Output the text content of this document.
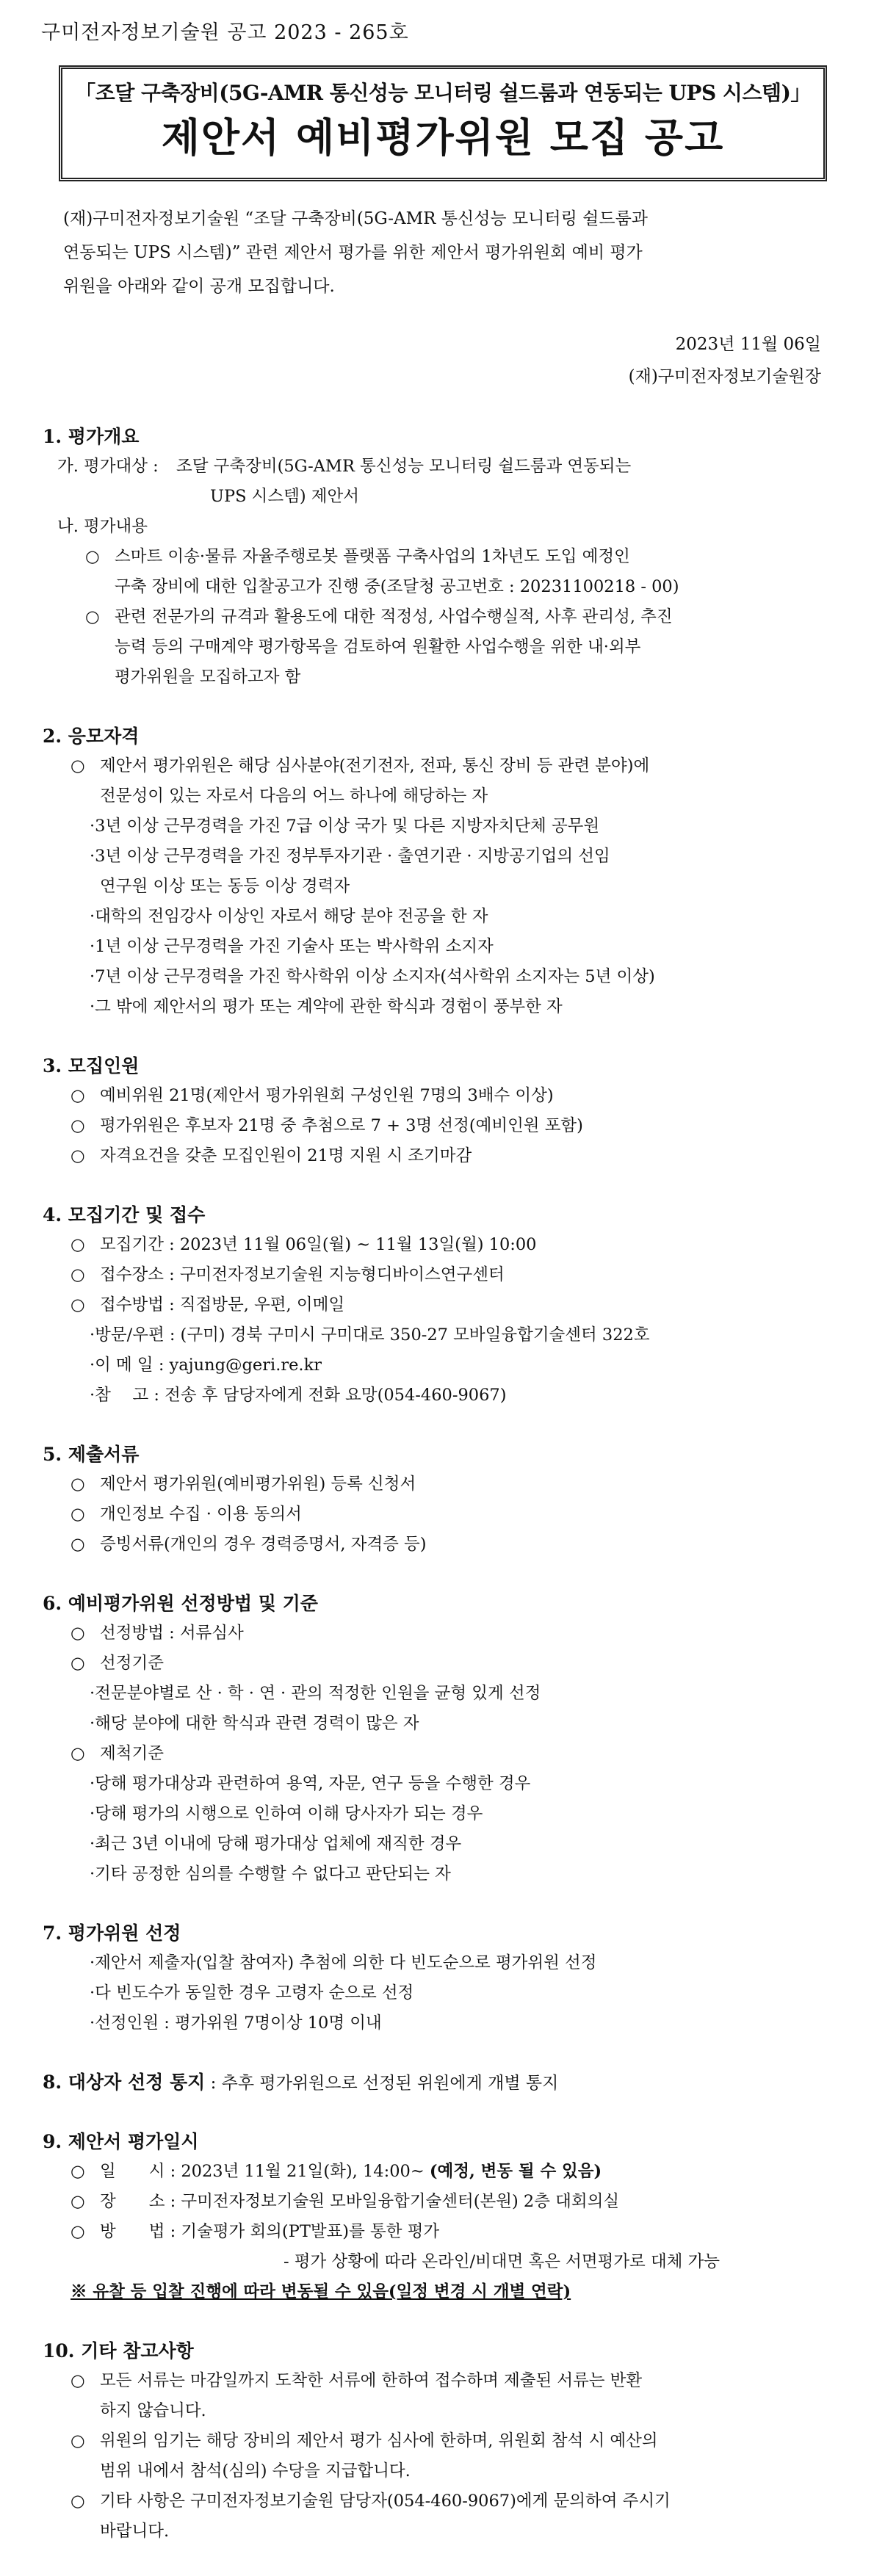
구미전자정보기술원 공고 2023 - 265호
「조달 구축장비(5G-AMR 통신성능 모니터링 쉴드룸과 연동되는 UPS 시스템)」
제안서 예비평가위원 모집 공고
(재)구미전자정보기술원 “조달 구축장비(5G-AMR 통신성능 모니터링 쉴드룸과
연동되는 UPS 시스템)” 관련 제안서 평가를 위한 제안서 평가위원회 예비 평가
위원을 아래와 같이 공개 모집합니다.
2023년 11월 06일
(재)구미전자정보기술원장
1. 평가개요
가. 평가대상 : 조달 구축장비(5G-AMR 통신성능 모니터링 쉴드룸과 연동되는
UPS 시스템) 제안서
나. 평가내용
○ 스마트 이송·물류 자율주행로봇 플랫폼 구축사업의 1차년도 도입 예정인
구축 장비에 대한 입찰공고가 진행 중(조달청 공고번호 : 20231100218 - 00)
○ 관련 전문가의 규격과 활용도에 대한 적정성, 사업수행실적, 사후 관리성, 추진
능력 등의 구매계약 평가항목을 검토하여 원활한 사업수행을 위한 내·외부
평가위원을 모집하고자 함
2. 응모자격
○ 제안서 평가위원은 해당 심사분야(전기전자, 전파, 통신 장비 등 관련 분야)에
전문성이 있는 자로서 다음의 어느 하나에 해당하는 자
·3년 이상 근무경력을 가진 7급 이상 국가 및 다른 지방자치단체 공무원
·3년 이상 근무경력을 가진 정부투자기관 · 출연기관 · 지방공기업의 선임
연구원 이상 또는 동등 이상 경력자
·대학의 전임강사 이상인 자로서 해당 분야 전공을 한 자
·1년 이상 근무경력을 가진 기술사 또는 박사학위 소지자
·7년 이상 근무경력을 가진 학사학위 이상 소지자(석사학위 소지자는 5년 이상)
·그 밖에 제안서의 평가 또는 계약에 관한 학식과 경험이 풍부한 자
3. 모집인원
○ 예비위원 21명(제안서 평가위원회 구성인원 7명의 3배수 이상)
○ 평가위원은 후보자 21명 중 추첨으로 7 + 3명 선정(예비인원 포함)
○ 자격요건을 갖춘 모집인원이 21명 지원 시 조기마감
4. 모집기간 및 접수
○ 모집기간 : 2023년 11월 06일(월) ~ 11월 13일(월) 10:00
○ 접수장소 : 구미전자정보기술원 지능형디바이스연구센터
○ 접수방법 : 직접방문, 우편, 이메일
·방문/우편 : (구미) 경북 구미시 구미대로 350-27 모바일융합기술센터 322호
·이 메 일 : yajung@geri.re.kr
·참　 고 : 전송 후 담당자에게 전화 요망(054-460-9067)
5. 제출서류
○ 제안서 평가위원(예비평가위원) 등록 신청서
○ 개인정보 수집 · 이용 동의서
○ 증빙서류(개인의 경우 경력증명서, 자격증 등)
6. 예비평가위원 선정방법 및 기준
○ 선정방법 : 서류심사
○ 선정기준
·전문분야별로 산 · 학 · 연 · 관의 적정한 인원을 균형 있게 선정
·해당 분야에 대한 학식과 관련 경력이 많은 자
○ 제척기준
·당해 평가대상과 관련하여 용역, 자문, 연구 등을 수행한 경우
·당해 평가의 시행으로 인하여 이해 당사자가 되는 경우
·최근 3년 이내에 당해 평가대상 업체에 재직한 경우
·기타 공정한 심의를 수행할 수 없다고 판단되는 자
7. 평가위원 선정
·제안서 제출자(입찰 참여자) 추첨에 의한 다 빈도순으로 평가위원 선정
·다 빈도수가 동일한 경우 고령자 순으로 선정
·선정인원 : 평가위원 7명이상 10명 이내
8. 대상자 선정 통지 : 추후 평가위원으로 선정된 위원에게 개별 통지
9. 제안서 평가일시
○ 일　　시 : 2023년 11월 21일(화), 14:00~ (예정, 변동 될 수 있음)
○ 장　　소 : 구미전자정보기술원 모바일융합기술센터(본원) 2층 대회의실
○ 방　　법 : 기술평가 회의(PT발표)를 통한 평가
- 평가 상황에 따라 온라인/비대면 혹은 서면평가로 대체 가능
※ 유찰 등 입찰 진행에 따라 변동될 수 있음(일정 변경 시 개별 연락)
10. 기타 참고사항
○ 모든 서류는 마감일까지 도착한 서류에 한하여 접수하며 제출된 서류는 반환
하지 않습니다.
○ 위원의 임기는 해당 장비의 제안서 평가 심사에 한하며, 위원회 참석 시 예산의
범위 내에서 참석(심의) 수당을 지급합니다.
○ 기타 사항은 구미전자정보기술원 담당자(054-460-9067)에게 문의하여 주시기
바랍니다.
